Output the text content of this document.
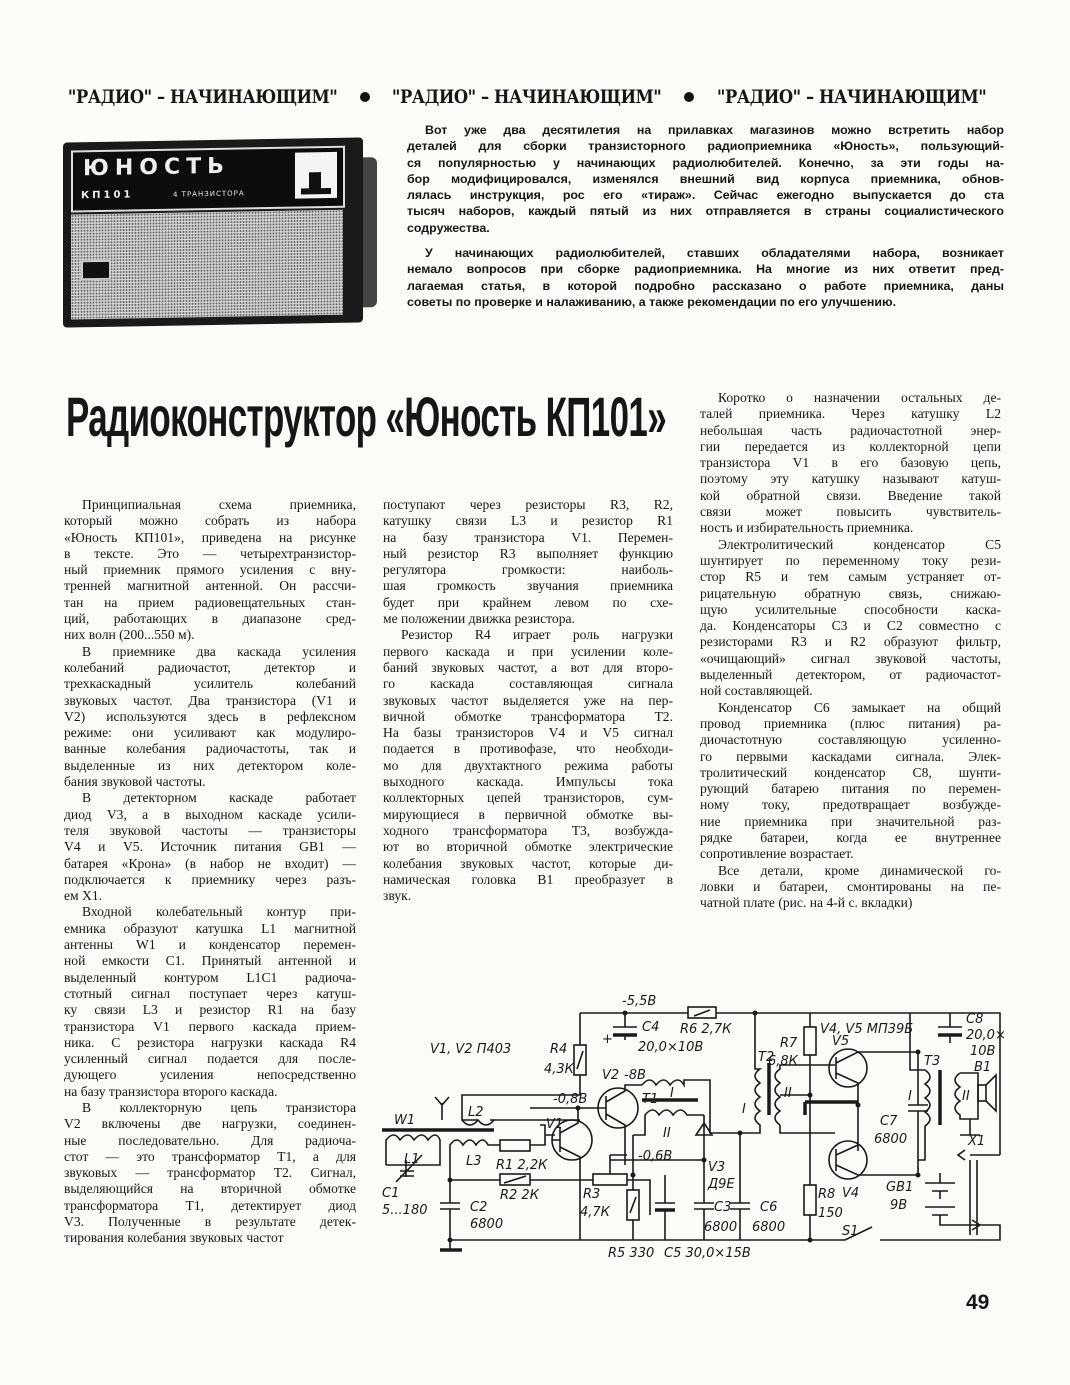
"РАДИО" – НАЧИНАЮЩИМ"	"РАДИО" – НАЧИНАЮЩИМ"	"РАДИО" – НАЧИНАЮЩИМ"
ЮНОСТЬ
КП101	4 ТРАНЗИСТОРА
Вот уже два десятилетия на прилавках магазинов можно встретить набор
деталей для сборки транзисторного радиоприемника «Юность», пользующий-
ся популярностью у начинающих радиолюбителей. Конечно, за эти годы на-
бор модифицировался, изменялся внешний вид корпуса приемника, обнов-
лялась инструкция, рос его «тираж». Сейчас ежегодно выпускается до ста
тысяч наборов, каждый пятый из них отправляется в страны социалистического
содружества.
У начинающих радиолюбителей, ставших обладателями набора, возникает
немало вопросов при сборке радиоприемника. На многие из них ответит пред-
лагаемая статья, в которой подробно рассказано о работе приемника, даны
советы по проверке и налаживанию, а также рекомендации по его улучшению.
Радиоконструктор «Юность КП101»
Принципиальная схема приемника,
который можно собрать из набора
«Юность КП101», приведена на рисунке
в тексте. Это — четырехтранзистор-
ный приемник прямого усиления с вну-
тренней магнитной антенной. Он рассчи-
тан на прием радиовещательных стан-
ций, работающих в диапазоне сред-
них волн (200...550 м).
В приемнике два каскада усиления
колебаний радиочастот, детектор и
трехкаскадный усилитель колебаний
звуковых частот. Два транзистора (V1 и
V2) используются здесь в рефлексном
режиме: они усиливают как модулиро-
ванные колебания радиочастоты, так и
выделенные из них детектором коле-
бания звуковой частоты.
В детекторном каскаде работает
диод V3, а в выходном каскаде усили-
теля звуковой частоты — транзисторы
V4 и V5. Источник питания GB1 —
батарея «Крона» (в набор не входит) —
подключается к приемнику через разъ-
ем X1.
Входной колебательный контур при-
емника образуют катушка L1 магнитной
антенны W1 и конденсатор перемен-
ной емкости C1. Принятый антенной и
выделенный контуром L1C1 радиоча-
стотный сигнал поступает через катуш-
ку связи L3 и резистор R1 на базу
транзистора V1 первого каскада прием-
ника. С резистора нагрузки каскада R4
усиленный сигнал подается для после-
дующего усиления непосредственно
на базу транзистора второго каскада.
В коллекторную цепь транзистора
V2 включены две нагрузки, соединен-
ные последовательно. Для радиоча-
стот — это трансформатор T1, а для
звуковых — трансформатор T2. Сигнал,
выделяющийся на вторичной обмотке
трансформатора T1, детектирует диод
V3. Полученные в результате детек-
тирования колебания звуковых частот
поступают через резисторы R3, R2,
катушку связи L3 и резистор R1
на базу транзистора V1. Перемен-
ный резистор R3 выполняет функцию
регулятора громкости: наиболь-
шая громкость звучания приемника
будет при крайнем левом по схе-
ме положении движка резистора.
Резистор R4 играет роль нагрузки
первого каскада и при усилении коле-
баний звуковых частот, а вот для второ-
го каскада составляющая сигнала
звуковых частот выделяется уже на пер-
вичной обмотке трансформатора T2.
На базы транзисторов V4 и V5 сигнал
подается в противофазе, что необходи-
мо для двухтактного режима работы
выходного каскада. Импульсы тока
коллекторных цепей транзисторов, сум-
мирующиеся в первичной обмотке вы-
ходного трансформатора T3, возбужда-
ют во вторичной обмотке электрические
колебания звуковых частот, которые ди-
намическая головка B1 преобразует в
звук.
Коротко о назначении остальных де-
талей приемника. Через катушку L2
небольшая часть радиочастотной энер-
гии передается из коллекторной цепи
транзистора V1 в его базовую цепь,
поэтому эту катушку называют катуш-
кой обратной связи. Введение такой
связи может повысить чувствитель-
ность и избирательность приемника.
Электролитический конденсатор C5
шунтирует по переменному току рези-
стор R5 и тем самым устраняет от-
рицательную обратную связь, снижаю-
щую усилительные способности каска-
да. Конденсаторы C3 и C2 совместно с
резисторами R3 и R2 образуют фильтр,
«очищающий» сигнал звуковой частоты,
выделенный детектором, от радиочастот-
ной составляющей.
Конденсатор C6 замыкает на общий
провод приемника (плюс питания) ра-
диочастотную составляющую усиленно-
го первыми каскадами сигнала. Элек-
тролитический конденсатор C8, шунти-
рующий батарею питания по перемен-
ному току, предотвращает возбужде-
ние приемника при значительной раз-
рядке батареи, когда ее внутреннее
сопротивление возрастает.
Все детали, кроме динамической го-
ловки и батареи, смонтированы на пе-
чатной плате (рис. на 4-й с. вкладки)
+
V1, V2 П403
V4, V5 МП39Б
-5,5В
C4
20,0×10В
R6 2,7К
R4
4,3К V2 -8В
T1 I
II
-0,8В
V1
L2
W1
L1	L3 R1 2,2К
R2 2К
C1
5...180	C2
6800
R3
4,7К
-0,6В
V3
Д9Е
C3
6800
C6
6800
R5 330 C5 30,0×15В
R7
6,8К
T2
I
II
V5
V4
C7
6800
R8
150
C8
20,0×
10В
T3
I	II
B1
X1
GB1
9В
S1
49
